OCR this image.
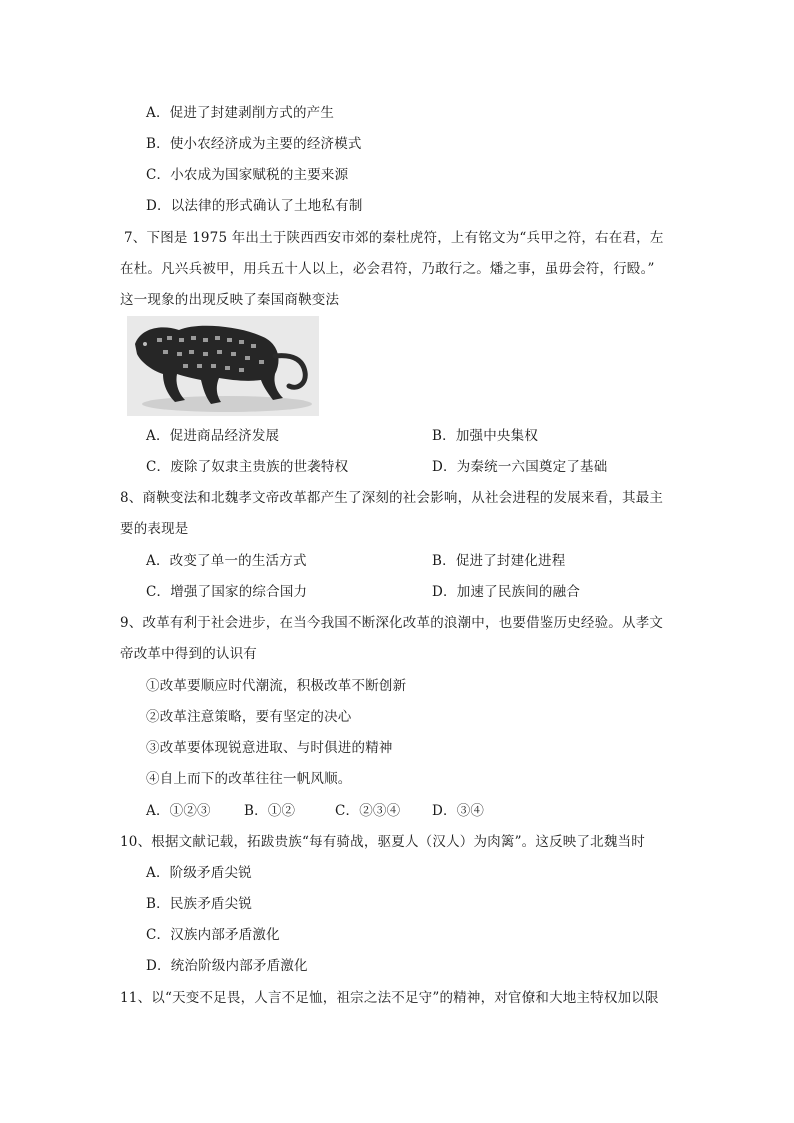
A．促进了封建剥削方式的产生
B．使小农经济成为主要的经济模式
C．小农成为国家赋税的主要来源
D．以法律的形式确认了土地私有制
7、下图是 1975 年出土于陕西西安市郊的秦杜虎符，上有铭文为“兵甲之符，右在君，左
在杜。凡兴兵被甲，用兵五十人以上，必会君符，乃敢行之。燔之事，虽毋会符，行殹。”
这一现象的出现反映了秦国商鞅变法
A．促进商品经济发展	B．加强中央集权
C．废除了奴隶主贵族的世袭特权	D．为秦统一六国奠定了基础
8、商鞅变法和北魏孝文帝改革都产生了深刻的社会影响，从社会进程的发展来看，其最主
要的表现是
A．改变了单一的生活方式	B．促进了封建化进程
C．增强了国家的综合国力	D．加速了民族间的融合
9、改革有利于社会进步，在当今我国不断深化改革的浪潮中，也要借鉴历史经验。从孝文
帝改革中得到的认识有
①改革要顺应时代潮流，积极改革不断创新
②改革注意策略，要有坚定的决心
③改革要体现锐意进取、与时俱进的精神
④自上而下的改革往往一帆风顺。
A．①②③ B．①②	C．②③④ D．③④
10、根据文献记载，拓跋贵族“每有骑战，驱夏人（汉人）为肉篱”。这反映了北魏当时
A．阶级矛盾尖锐
B．民族矛盾尖锐
C．汉族内部矛盾激化
D．统治阶级内部矛盾激化
11、以“天变不足畏，人言不足恤，祖宗之法不足守”的精神，对官僚和大地主特权加以限
